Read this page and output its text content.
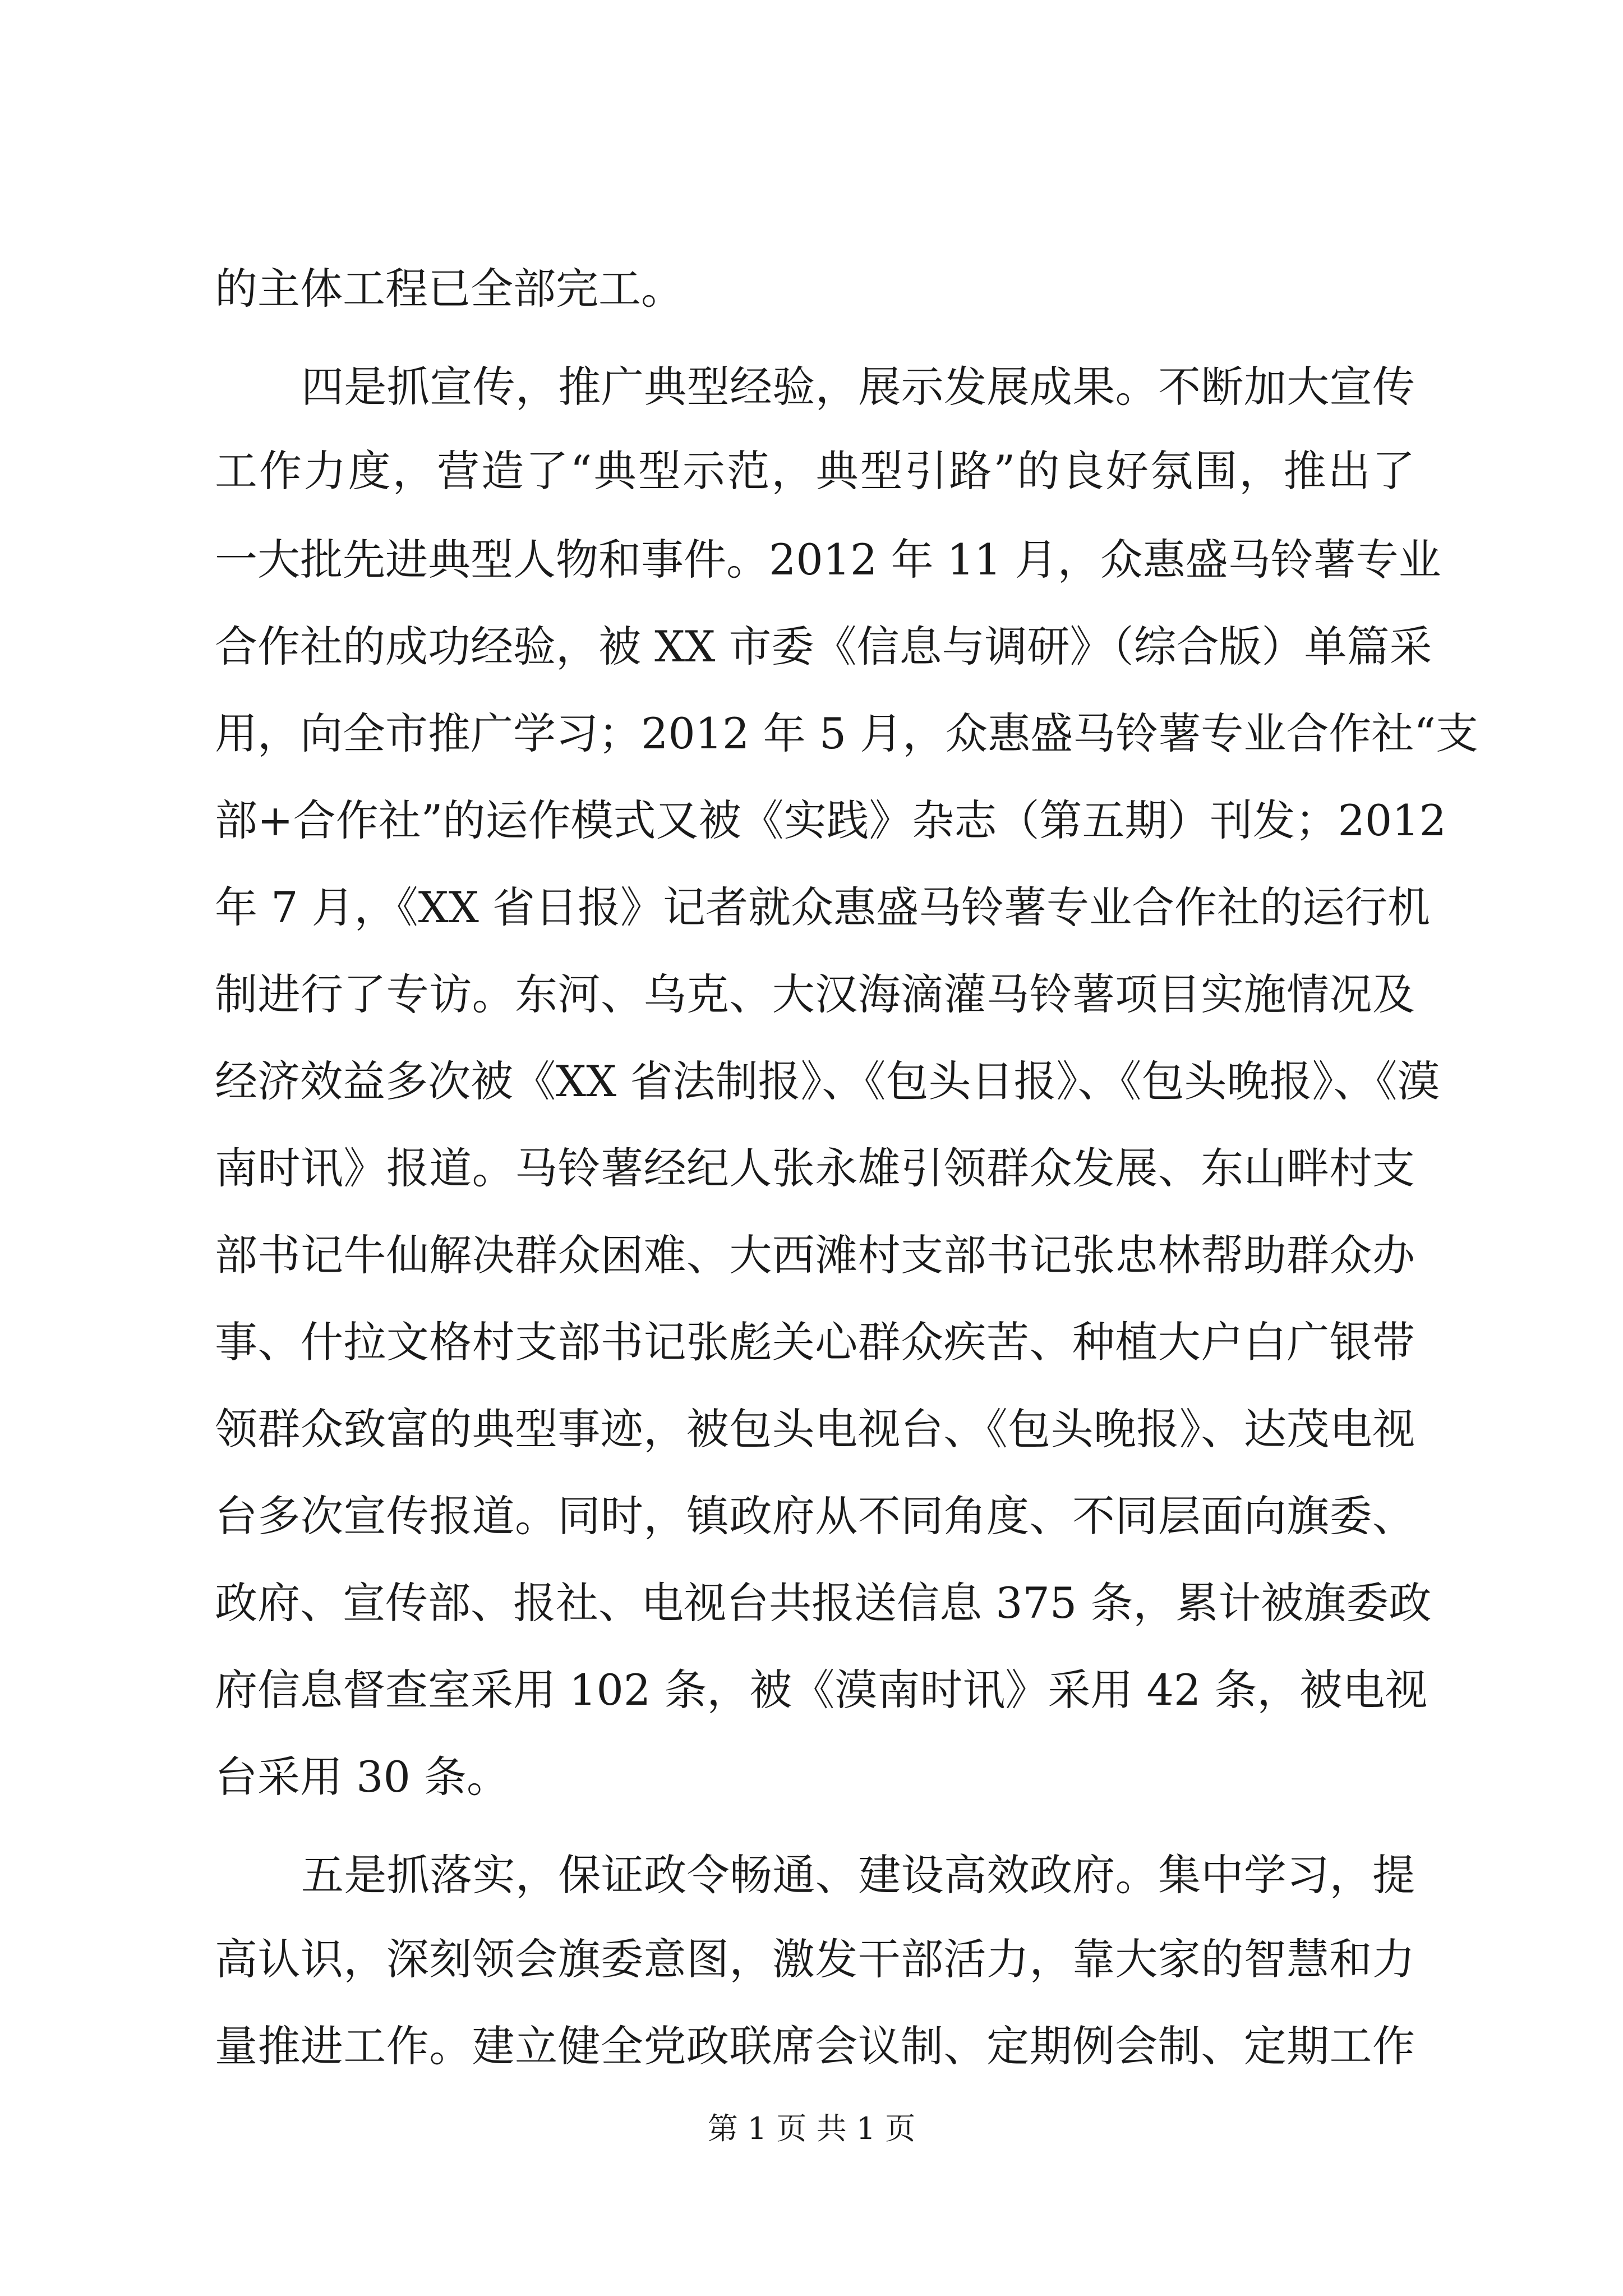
的主体工程已全部完工。
四是抓宣传，推广典型经验，展示发展成果。不断加大宣传
工作力度，营造了“典型示范，典型引路”的良好氛围，推出了
一大批先进典型人物和事件。2012 年 11 月，众惠盛马铃薯专业
合作社的成功经验，被 XX 市委《信息与调研》（综合版）单篇采
用，向全市推广学习；2012 年 5 月，众惠盛马铃薯专业合作社“支
部+合作社”的运作模式又被《实践》杂志（第五期）刊发；2012
年 7 月，《XX 省日报》记者就众惠盛马铃薯专业合作社的运行机
制进行了专访。东河、乌克、大汉海滴灌马铃薯项目实施情况及
经济效益多次被《XX 省法制报》、《包头日报》、《包头晚报》、《漠
南时讯》报道。马铃薯经纪人张永雄引领群众发展、东山畔村支
部书记牛仙解决群众困难、大西滩村支部书记张忠林帮助群众办
事、什拉文格村支部书记张彪关心群众疾苦、种植大户白广银带
领群众致富的典型事迹，被包头电视台、《包头晚报》、达茂电视
台多次宣传报道。同时，镇政府从不同角度、不同层面向旗委、
政府、宣传部、报社、电视台共报送信息 375 条，累计被旗委政
府信息督查室采用 102 条，被《漠南时讯》采用 42 条，被电视
台采用 30 条。
五是抓落实，保证政令畅通、建设高效政府。集中学习，提
高认识，深刻领会旗委意图，激发干部活力，靠大家的智慧和力
量推进工作。建立健全党政联席会议制、定期例会制、定期工作
第 1 页 共 1 页
